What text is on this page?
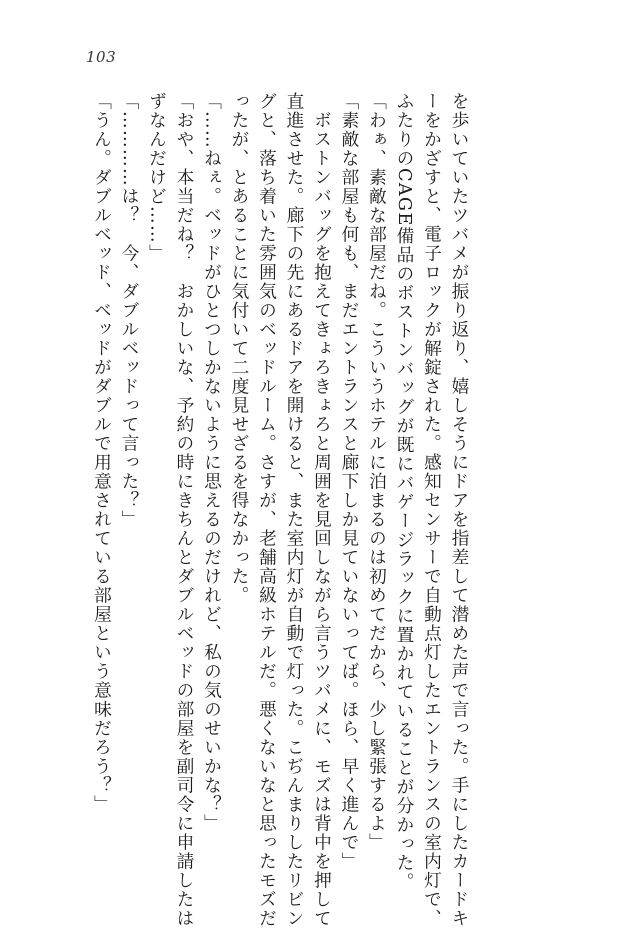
103

を歩いていたツバメが振り返り、嬉しそうにドアを指差して潜めた声で言った。手にしたカードキ

ーをかざすと、電子ロックが解錠された。感知センサーで自動点灯したエントランスの室内灯で、

ふたりのCAGE備品のボストンバッグが既にバゲージラックに置かれていることが分かった。

「わぁ、素敵な部屋だね。こういうホテルに泊まるのは初めてだから、少し緊張するよ」

「素敵な部屋も何も、まだエントランスと廊下しか見ていないってば。ほら、早く進んで」

　ボストンバッグを抱えてきょろきょろと周囲を見回しながら言うツバメに、モズは背中を押して

直進させた。廊下の先にあるドアを開けると、また室内灯が自動で灯った。こぢんまりしたリビン

グと、落ち着いた雰囲気のベッドルーム。さすが、老舗高級ホテルだ。悪くないなと思ったモズだ

ったが、とあることに気付いて二度見せざるを得なかった。

「……ねぇ。ベッドがひとつしかないように思えるのだけれど、私の気のせいかな？」

「おや、本当だね？　おかしいな、予約の時にきちんとダブルベッドの部屋を副司令に申請したは

ずなんだけど……」

「…………は？　今、ダブルベッドって言った？」

「うん。ダブルベッド、ベッドがダブルで用意されている部屋という意味だろう？」
